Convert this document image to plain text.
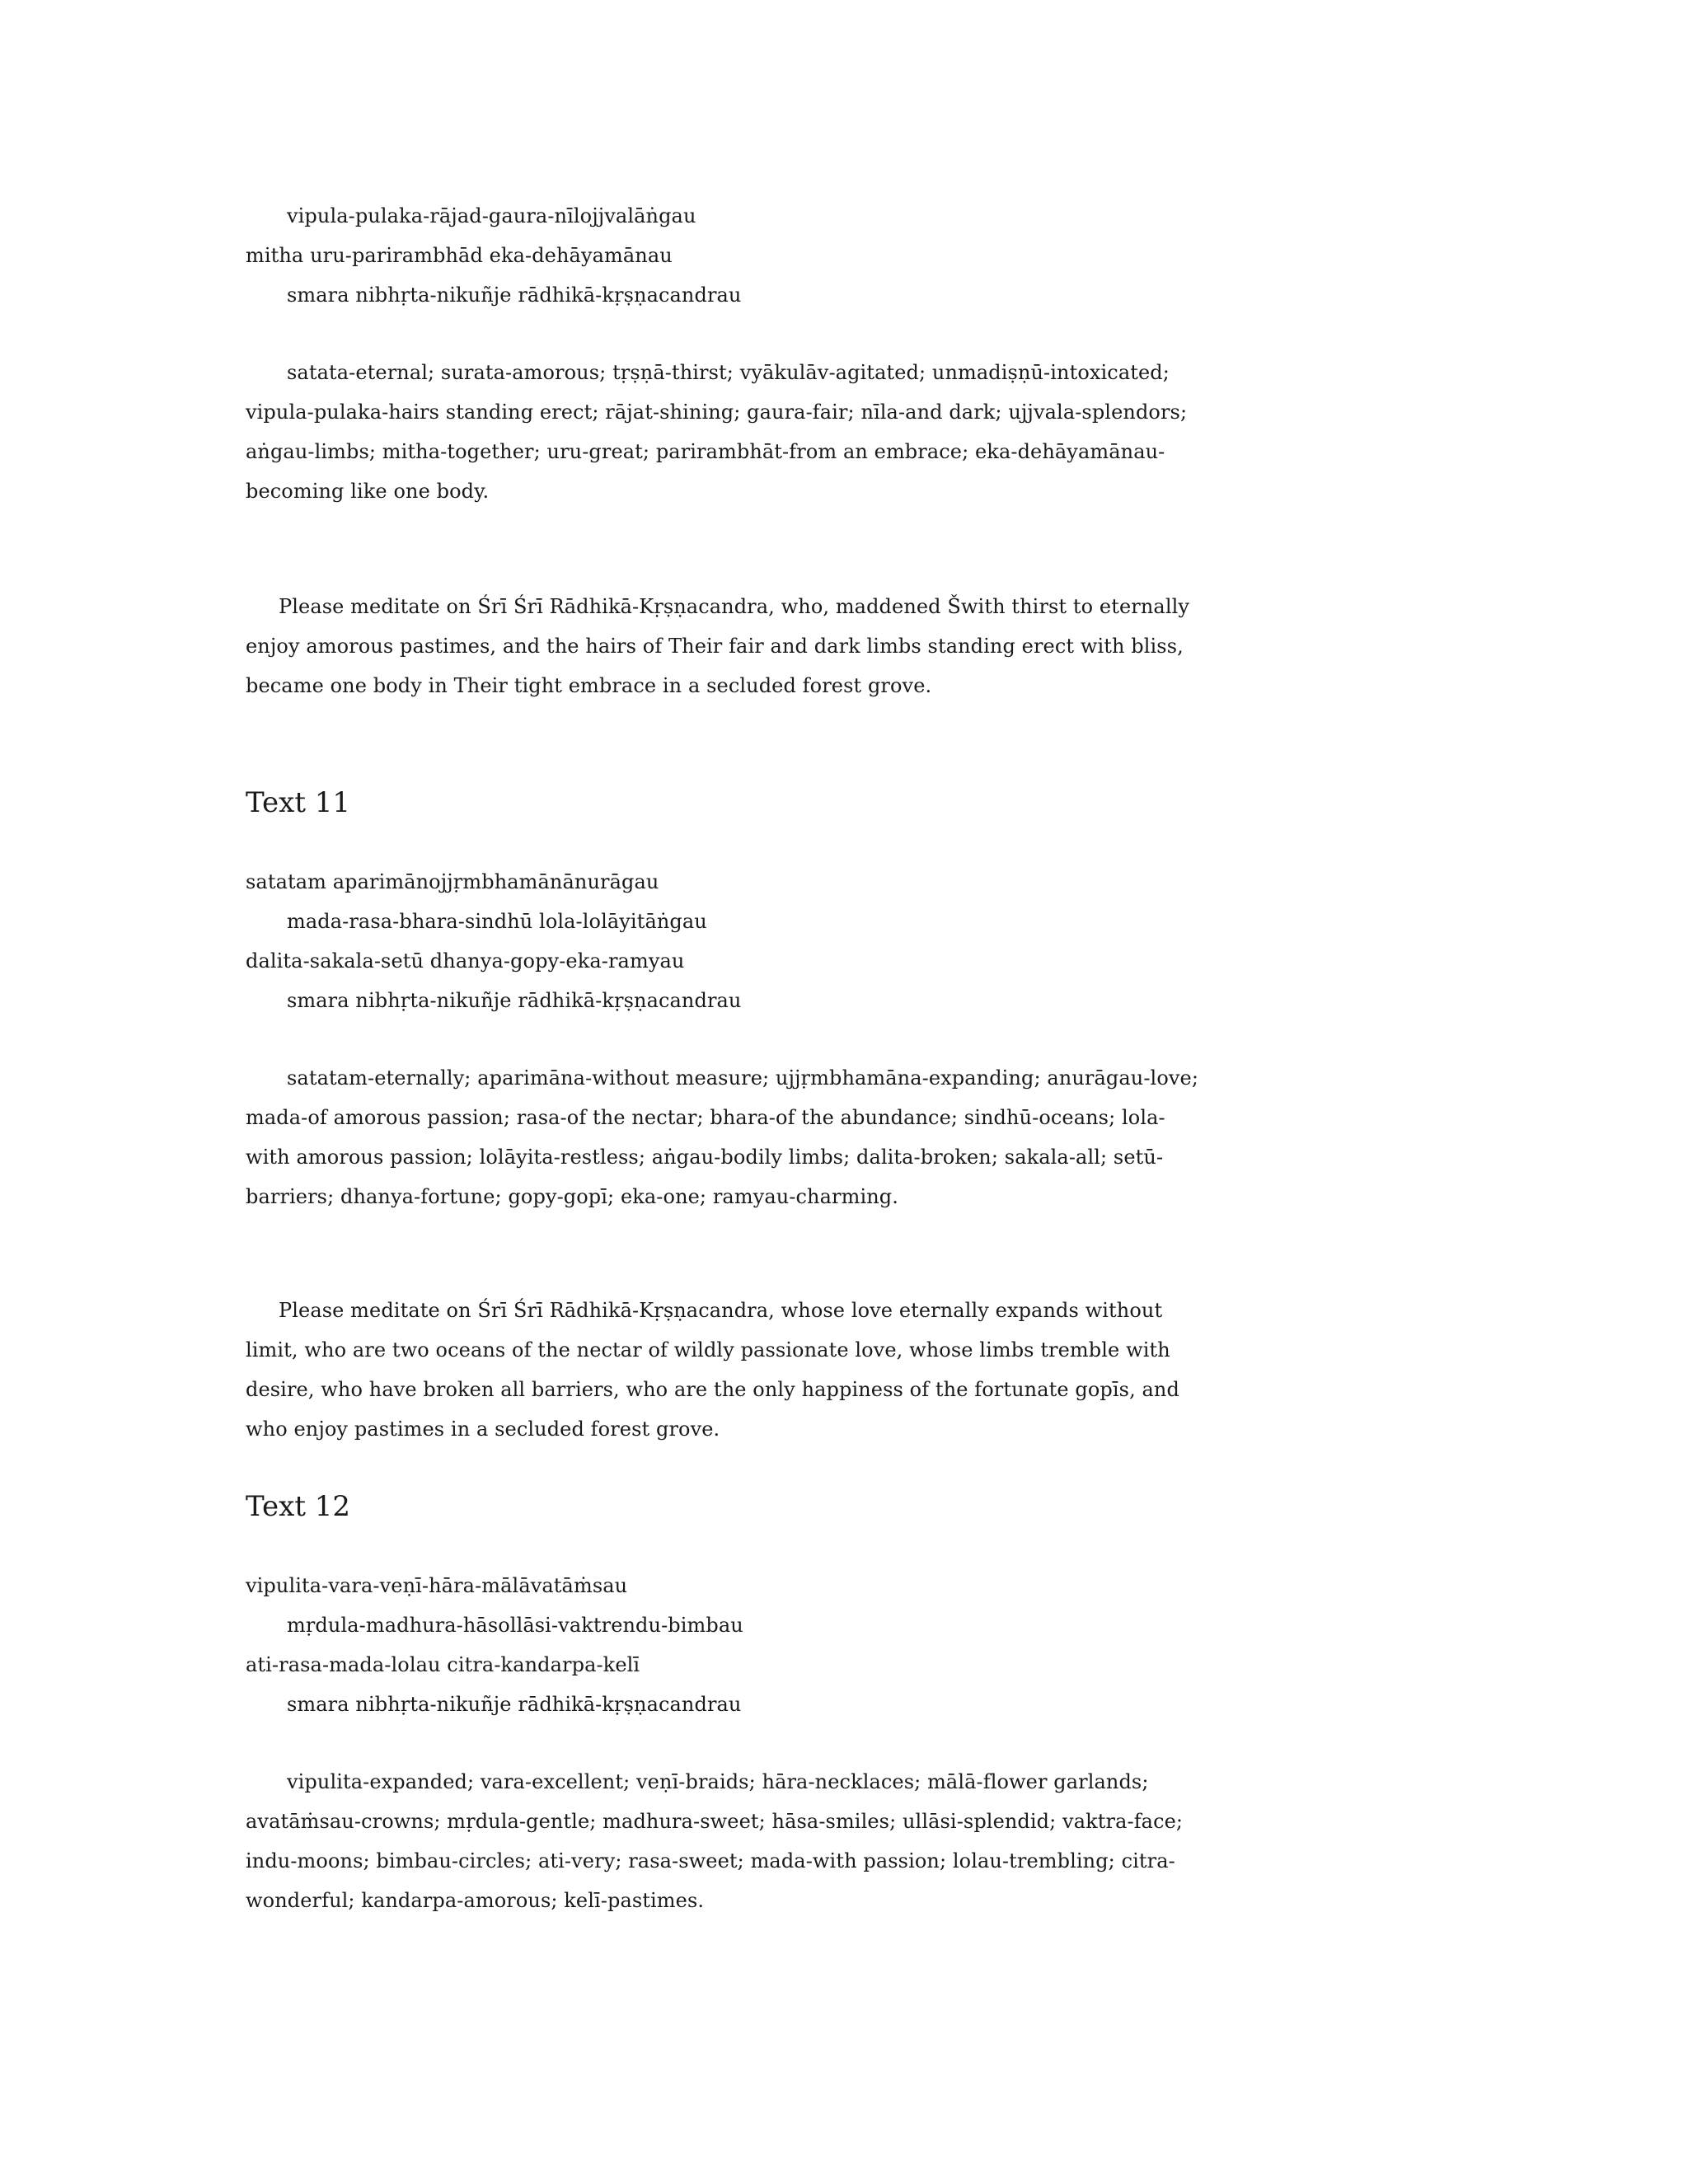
vipula-pulaka-rājad-gaura-nīlojjvalāṅgau
mitha uru-parirambhād eka-dehāyamānau
smara nibhṛta-nikuñje rādhikā-kṛṣṇacandrau
satata-eternal; surata-amorous; tṛṣṇā-thirst; vyākulāv-agitated; unmadiṣṇū-intoxicated;
vipula-pulaka-hairs standing erect; rājat-shining; gaura-fair; nīla-and dark; ujjvala-splendors;
aṅgau-limbs; mitha-together; uru-great; parirambhāt-from an embrace; eka-dehāyamānau-
becoming like one body.
Please meditate on Śrī Śrī Rādhikā-Kṛṣṇacandra, who, maddened Šwith thirst to eternally
enjoy amorous pastimes, and the hairs of Their fair and dark limbs standing erect with bliss,
became one body in Their tight embrace in a secluded forest grove.
Text 11
satatam aparimānojjṛmbhamānānurāgau
mada-rasa-bhara-sindhū lola-lolāyitāṅgau
dalita-sakala-setū dhanya-gopy-eka-ramyau
smara nibhṛta-nikuñje rādhikā-kṛṣṇacandrau
satatam-eternally; aparimāna-without measure; ujjṛmbhamāna-expanding; anurāgau-love;
mada-of amorous passion; rasa-of the nectar; bhara-of the abundance; sindhū-oceans; lola-
with amorous passion; lolāyita-restless; aṅgau-bodily limbs; dalita-broken; sakala-all; setū-
barriers; dhanya-fortune; gopy-gopī; eka-one; ramyau-charming.
Please meditate on Śrī Śrī Rādhikā-Kṛṣṇacandra, whose love eternally expands without
limit, who are two oceans of the nectar of wildly passionate love, whose limbs tremble with
desire, who have broken all barriers, who are the only happiness of the fortunate gopīs, and
who enjoy pastimes in a secluded forest grove.
Text 12
vipulita-vara-veṇī-hāra-mālāvatāṁsau
mṛdula-madhura-hāsollāsi-vaktrendu-bimbau
ati-rasa-mada-lolau citra-kandarpa-kelī
smara nibhṛta-nikuñje rādhikā-kṛṣṇacandrau
vipulita-expanded; vara-excellent; veṇī-braids; hāra-necklaces; mālā-flower garlands;
avatāṁsau-crowns; mṛdula-gentle; madhura-sweet; hāsa-smiles; ullāsi-splendid; vaktra-face;
indu-moons; bimbau-circles; ati-very; rasa-sweet; mada-with passion; lolau-trembling; citra-
wonderful; kandarpa-amorous; kelī-pastimes.
